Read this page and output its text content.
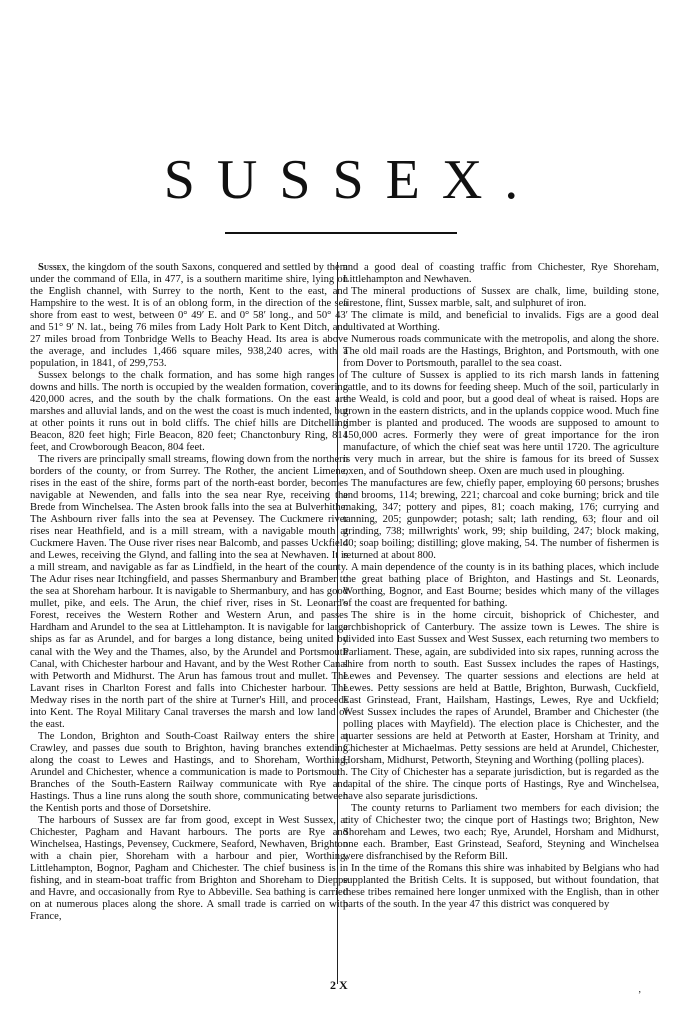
SUSSEX.

Sussex, the kingdom of the south Saxons, conquered and settled by them under the command of Ella, in 477, is a southern maritime shire, lying on the English channel, with Surrey to the north, Kent to the east, and Hampshire to the west. It is of an oblong form, in the direction of the sea shore from east to west, between 0° 49′ E. and 0° 58′ long., and 50° 43′ and 51° 9′ N. lat., being 76 miles from Lady Holt Park to Kent Ditch, and 27 miles broad from Tonbridge Wells to Beachy Head. Its area is above the average, and includes 1,466 square miles, 938,240 acres, with a population, in 1841, of 299,753.

Sussex belongs to the chalk formation, and has some high ranges of downs and hills. The north is occupied by the wealden formation, covering 420,000 acres, and the south by the chalk formations. On the east are marshes and alluvial lands, and on the west the coast is much indented, but at other points it runs out in bold cliffs. The chief hills are Ditchelling Beacon, 820 feet high; Firle Beacon, 820 feet; Chanctonbury Ring, 814 feet, and Crowborough Beacon, 804 feet.

The rivers are principally small streams, flowing down from the northern borders of the county, or from Surrey. The Rother, the ancient Limene, rises in the east of the shire, forms part of the north-east border, becomes navigable at Newenden, and falls into the sea near Rye, receiving the Brede from Winchelsea. The Asten brook falls into the sea at Bulverhithe. The Ashbourn river falls into the sea at Pevensey. The Cuckmere river rises near Heathfield, and is a mill stream, with a navigable mouth at Cuckmere Haven. The Ouse river rises near Balcomb, and passes Uckfield and Lewes, receiving the Glynd, and falling into the sea at Newhaven. It is a mill stream, and navigable as far as Lindfield, in the heart of the county. The Adur rises near Itchingfield, and passes Shermanbury and Bramber to the sea at Shoreham harbour. It is navigable to Shermanbury, and has good mullet, pike, and eels. The Arun, the chief river, rises in St. Leonard's Forest, receives the Western Rother and Western Arun, and passes Hardham and Arundel to the sea at Littlehampton. It is navigable for large ships as far as Arundel, and for barges a long distance, being united by canal with the Wey and the Thames, also, by the Arundel and Portsmouth Canal, with Chichester harbour and Havant, and by the West Rother Canal with Petworth and Midhurst. The Arun has famous trout and mullet. The Lavant rises in Charlton Forest and falls into Chichester harbour. The Medway rises in the north part of the shire at Turner's Hill, and proceeds into Kent. The Royal Military Canal traverses the marsh and low land of the east.

The London, Brighton and South-Coast Railway enters the shire at Crawley, and passes due south to Brighton, having branches extending along the coast to Lewes and Hastings, and to Shoreham, Worthing, Arundel and Chichester, whence a communication is made to Portsmouth. Branches of the South-Eastern Railway communicate with Rye and Hastings. Thus a line runs along the south shore, communicating between the Kentish ports and those of Dorsetshire.

The harbours of Sussex are far from good, except in West Sussex, at Chichester, Pagham and Havant harbours. The ports are Rye and Winchelsea, Hastings, Pevensey, Cuckmere, Seaford, Newhaven, Brighton with a chain pier, Shoreham with a harbour and pier, Worthing, Littlehampton, Bognor, Pagham and Chichester. The chief business is in fishing, and in steam-boat traffic from Brighton and Shoreham to Dieppe and Havre, and occasionally from Rye to Abbeville. Sea bathing is carried on at numerous places along the shore. A small trade is carried on with France,

and a good deal of coasting traffic from Chichester, Rye Shoreham, Littlehampton and Newhaven.

The mineral productions of Sussex are chalk, lime, building stone, firestone, flint, Sussex marble, salt, and sulphuret of iron.

The climate is mild, and beneficial to invalids. Figs are a good deal cultivated at Worthing.

Numerous roads communicate with the metropolis, and along the shore. The old mail roads are the Hastings, Brighton, and Portsmouth, with one from Dover to Portsmouth, parallel to the sea coast.

The culture of Sussex is applied to its rich marsh lands in fattening cattle, and to its downs for feeding sheep. Much of the soil, particularly in the Weald, is cold and poor, but a good deal of wheat is raised. Hops are grown in the eastern districts, and in the uplands coppice wood. Much fine timber is planted and produced. The woods are supposed to amount to 150,000 acres. Formerly they were of great importance for the iron manufacture, of which the chief seat was here until 1720. The agriculture is very much in arrear, but the shire is famous for its breed of Sussex oxen, and of Southdown sheep. Oxen are much used in ploughing.

The manufactures are few, chiefly paper, employing 60 persons; brushes and brooms, 114; brewing, 221; charcoal and coke burning; brick and tile making, 347; pottery and pipes, 81; coach making, 176; currying and tanning, 205; gunpowder; potash; salt; lath rending, 63; flour and oil grinding, 738; millwrights' work, 99; ship building, 247; block making, 40; soap boiling; distilling; glove making, 54. The number of fishermen is returned at about 800.

A main dependence of the county is in its bathing places, which include the great bathing place of Brighton, and Hastings and St. Leonards, Worthing, Bognor, and East Bourne; besides which many of the villages of the coast are frequented for bathing.

The shire is in the home circuit, bishoprick of Chichester, and archbishoprick of Canterbury. The assize town is Lewes. The shire is divided into East Sussex and West Sussex, each returning two members to Parliament. These, again, are subdivided into six rapes, running across the shire from north to south. East Sussex includes the rapes of Hastings, Lewes and Pevensey. The quarter sessions and elections are held at Lewes. Petty sessions are held at Battle, Brighton, Burwash, Cuckfield, East Grinstead, Frant, Hailsham, Hastings, Lewes, Rye and Uckfield; West Sussex includes the rapes of Arundel, Bramber and Chichester (the polling places with Mayfield). The election place is Chichester, and the quarter sessions are held at Petworth at Easter, Horsham at Trinity, and Chichester at Michaelmas. Petty sessions are held at Arundel, Chichester, Horsham, Midhurst, Petworth, Steyning and Worthing (polling places).

The City of Chichester has a separate jurisdiction, but is regarded as the capital of the shire. The cinque ports of Hastings, Rye and Winchelsea, have also separate jurisdictions.

The county returns to Parliament two members for each division; the city of Chichester two; the cinque port of Hastings two; Brighton, New Shoreham and Lewes, two each; Rye, Arundel, Horsham and Midhurst, one each. Bramber, East Grinstead, Seaford, Steyning and Winchelsea were disfranchised by the Reform Bill.

In the time of the Romans this shire was inhabited by Belgians who had supplanted the British Celts. It is supposed, but without foundation, that these tribes remained here longer unmixed with the English, than in other parts of the south. In the year 47 this district was conquered by

2 X
’
